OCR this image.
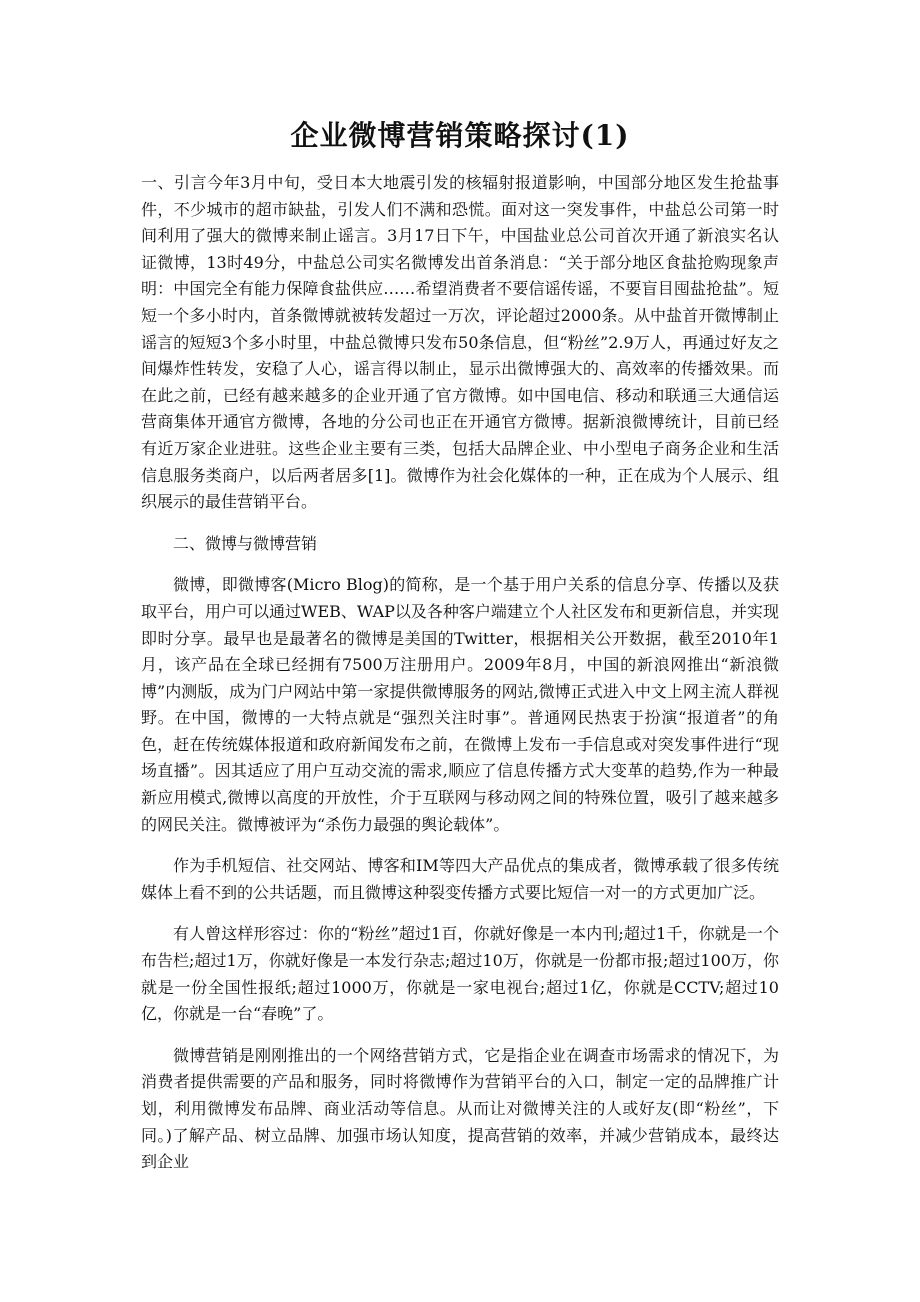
企业微博营销策略探讨(1)

一、引言今年3月中旬，受日本大地震引发的核辐射报道影响，中国部分地区发生抢盐事件，不少城市的超市缺盐，引发人们不满和恐慌。面对这一突发事件，中盐总公司第一时间利用了强大的微博来制止谣言。3月17日下午，中国盐业总公司首次开通了新浪实名认证微博，13时49分，中盐总公司实名微博发出首条消息：“关于部分地区食盐抢购现象声明：中国完全有能力保障食盐供应……希望消费者不要信谣传谣，不要盲目囤盐抢盐”。短短一个多小时内，首条微博就被转发超过一万次，评论超过2000条。从中盐首开微博制止谣言的短短3个多小时里，中盐总微博只发布50条信息，但“粉丝”2.9万人，再通过好友之间爆炸性转发，安稳了人心，谣言得以制止，显示出微博强大的、高效率的传播效果。而在此之前，已经有越来越多的企业开通了官方微博。如中国电信、移动和联通三大通信运营商集体开通官方微博，各地的分公司也正在开通官方微博。据新浪微博统计，目前已经有近万家企业进驻。这些企业主要有三类，包括大品牌企业、中小型电子商务企业和生活信息服务类商户，以后两者居多[1]。微博作为社会化媒体的一种，正在成为个人展示、组织展示的最佳营销平台。

二、微博与微博营销

微博，即微博客(Micro Blog)的简称，是一个基于用户关系的信息分享、传播以及获取平台，用户可以通过WEB、WAP以及各种客户端建立个人社区发布和更新信息，并实现即时分享。最早也是最著名的微博是美国的Twitter，根据相关公开数据，截至2010年1月，该产品在全球已经拥有7500万注册用户。2009年8月，中国的新浪网推出“新浪微博”内测版，成为门户网站中第一家提供微博服务的网站,微博正式进入中文上网主流人群视野。在中国，微博的一大特点就是“强烈关注时事”。普通网民热衷于扮演“报道者”的角色，赶在传统媒体报道和政府新闻发布之前，在微博上发布一手信息或对突发事件进行“现场直播”。因其适应了用户互动交流的需求,顺应了信息传播方式大变革的趋势,作为一种最新应用模式,微博以高度的开放性，介于互联网与移动网之间的特殊位置，吸引了越来越多的网民关注。微博被评为“杀伤力最强的舆论载体”。

作为手机短信、社交网站、博客和IM等四大产品优点的集成者，微博承载了很多传统媒体上看不到的公共话题，而且微博这种裂变传播方式要比短信一对一的方式更加广泛。

有人曾这样形容过：你的“粉丝”超过1百，你就好像是一本内刊;超过1千，你就是一个布告栏;超过1万，你就好像是一本发行杂志;超过10万，你就是一份都市报;超过100万，你就是一份全国性报纸;超过1000万，你就是一家电视台;超过1亿，你就是CCTV;超过10亿，你就是一台“春晚”了。

微博营销是刚刚推出的一个网络营销方式，它是指企业在调查市场需求的情况下，为消费者提供需要的产品和服务，同时将微博作为营销平台的入口，制定一定的品牌推广计划，利用微博发布品牌、商业活动等信息。从而让对微博关注的人或好友(即“粉丝”，下同。)了解产品、树立品牌、加强市场认知度，提高营销的效率，并减少营销成本，最终达到企业
